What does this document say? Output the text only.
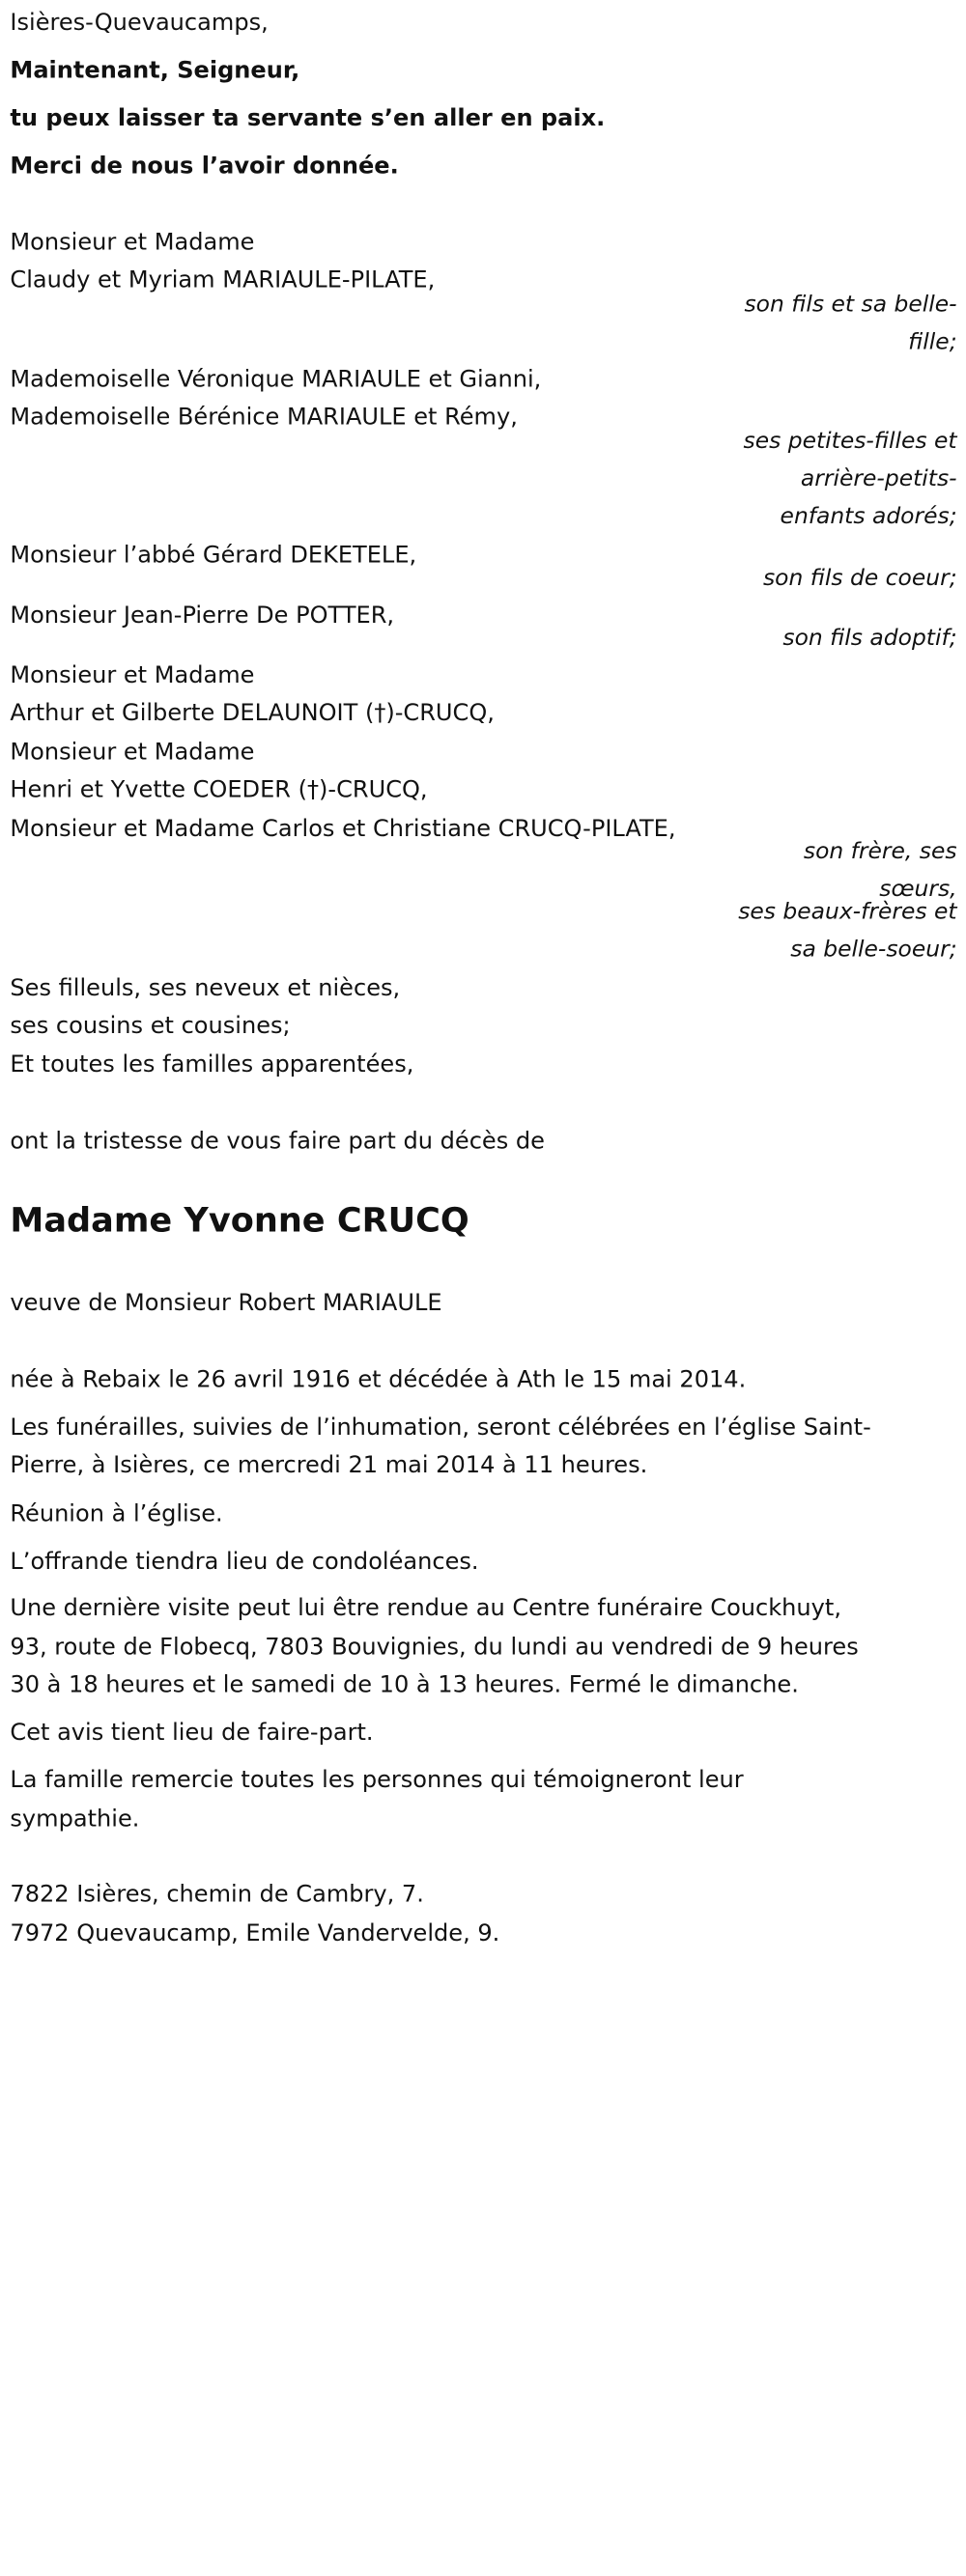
Isières-Quevaucamps,

Maintenant, Seigneur,

tu peux laisser ta servante s’en aller en paix.

Merci de nous l’avoir donnée.

Monsieur et Madame

Claudy et Myriam MARIAULE-PILATE,

son fils et sa belle-

fille;

Mademoiselle Véronique MARIAULE et Gianni,

Mademoiselle Bérénice MARIAULE et Rémy,

ses petites-filles et

arrière-petits-

enfants adorés;

Monsieur l’abbé Gérard DEKETELE,

son fils de coeur;

Monsieur Jean-Pierre De POTTER,

son fils adoptif;

Monsieur et Madame

Arthur et Gilberte DELAUNOIT (†)-CRUCQ,

Monsieur et Madame

Henri et Yvette COEDER (†)-CRUCQ,

Monsieur et Madame Carlos et Christiane CRUCQ-PILATE,

son frère, ses

sœurs,

ses beaux-frères et

sa belle-soeur;

Ses filleuls, ses neveux et nièces,

ses cousins et cousines;

Et toutes les familles apparentées,

ont la tristesse de vous faire part du décès de

Madame Yvonne CRUCQ

veuve de Monsieur Robert MARIAULE

née à Rebaix le 26 avril 1916 et décédée à Ath le 15 mai 2014.

Les funérailles, suivies de l’inhumation, seront célébrées en l’église Saint-

Pierre, à Isières, ce mercredi 21 mai 2014 à 11 heures.

Réunion à l’église.

L’offrande tiendra lieu de condoléances.

Une dernière visite peut lui être rendue au Centre funéraire Couckhuyt,

93, route de Flobecq, 7803 Bouvignies, du lundi au vendredi de 9 heures

30 à 18 heures et le samedi de 10 à 13 heures. Fermé le dimanche.

Cet avis tient lieu de faire-part.

La famille remercie toutes les personnes qui témoigneront leur

sympathie.

7822 Isières, chemin de Cambry, 7.

7972 Quevaucamp, Emile Vandervelde, 9.
